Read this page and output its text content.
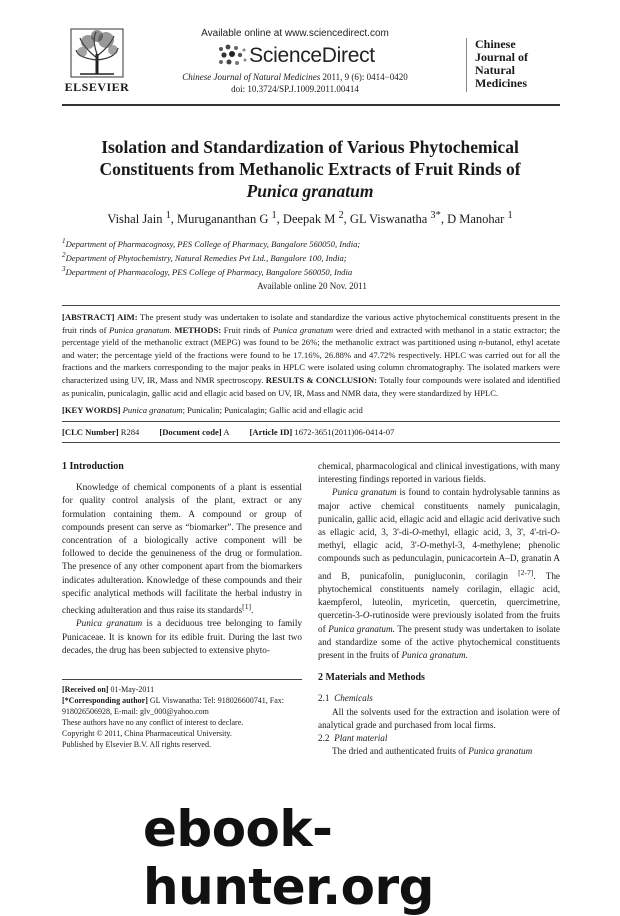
ELSEVIER
Available online at www.sciencedirect.com
ScienceDirect
Chinese Journal of Natural Medicines 2011, 9 (6): 0414−0420
doi: 10.3724/SP.J.1009.2011.00414
Chinese
Journal of
Natural
Medicines
Isolation and Standardization of Various Phytochemical Constituents from Methanolic Extracts of Fruit Rinds of Punica granatum
Vishal Jain $^1$, Murugananthan G $^1$, Deepak M $^2$, GL Viswanatha $^{3*}$, D Manohar $^1$
$^1$Department of Pharmacognosy, PES College of Pharmacy, Bangalore 560050, India;
$^2$Department of Phytochemistry, Natural Remedies Pvt Ltd., Bangalore 100, India;
$^3$Department of Pharmacology, PES College of Pharmacy, Bangalore 560050, India
Available online 20 Nov. 2011
[ABSTRACT] AIM: The present study was undertaken to isolate and standardize the various active phytochemical constituents present in the fruit rinds of Punica granatum. METHODS: Fruit rinds of Punica granatum were dried and extracted with methanol in a static extractor; the percentage yield of the methanolic extract (MEPG) was found to be 26%; the methanolic extract was partitioned using n-butanol, ethyl acetate and water; the percentage yield of the fractions were found to be 17.16%, 26.88% and 47.72% respectively. HPLC was carried out for all the fractions and the markers corresponding to the major peaks in HPLC were isolated using column chromatography. The isolated markers were characterized using UV, IR, Mass and NMR spectroscopy. RESULTS & CONCLUSION: Totally four compounds were isolated and identified as punicalin, punicalagin, gallic acid and ellagic acid based on UV, IR, Mass and NMR data, they were standardized by HPLC.
[KEY WORDS] Punica granatum; Punicalin; Punicalagin; Gallic acid and ellagic acid
[CLC Number] R284 [Document code] A [Article ID] 1672-3651(2011)06-0414-07
1 Introduction

Knowledge of chemical components of a plant is essential for quality control analysis of the plant, extract or any formulation containing them. A compound or group of compounds present can serve as “biomarker”. The presence and concentration of a biologically active component will be followed to decide the genuineness of the drug or formulation. The presence of any other component apart from the biomarkers indicates adulteration. Knowledge of these compounds and their specific analytical methods will facilitate the herbal industry in checking adulteration and thus raise its standards[1].

Punica granatum is a deciduous tree belonging to family Punicaceae. It is known for its edible fruit. During the last two decades, the drug has been subjected to extensive phyto-

[Received on] 01-May-2011
[*Corresponding author] GL Viswanatha: Tel: 918026600741, Fax: 918026506928, E-mail: glv_000@yahoo.com
These authors have no any conflict of interest to declare.
Copyright © 2011, China Pharmaceutical University.
Published by Elsevier B.V. All rights reserved.
chemical, pharmacological and clinical investigations, with many interesting findings reported in various fields.

Punica granatum is found to contain hydrolysable tannins as major active chemical constituents namely punicalagin, punicalin, gallic acid, ellagic acid and ellagic acid derivative such as ellagic acid, 3, 3'-di-O-methyl, ellagic acid, 3, 3', 4'-tri-O-methyl, ellagic acid, 3'-O-methyl-3, 4-methylene; phenolic compounds such as pedunculagin, punicacortein A–D, granatin A and B, punicafolin, punigluconin, corilagin [2-7]. The phytochemical constituents namely corilagin, ellagic acid, kaempferol, luteolin, myricetin, quercetin, quercimetrine, quercetin-3-O-rutinoside were previously isolated from the fruits of Punica granatum. The present study was undertaken to isolate and standardize some of the active phytochemical constituents present in the fruits of Punica granatum.

2 Materials and Methods
2.1 Chemicals

All the solvents used for the extraction and isolation were of analytical grade and purchased from local firms.

2.2 Plant material

The dried and authenticated fruits of Punica granatum

ebook-hunter.org
